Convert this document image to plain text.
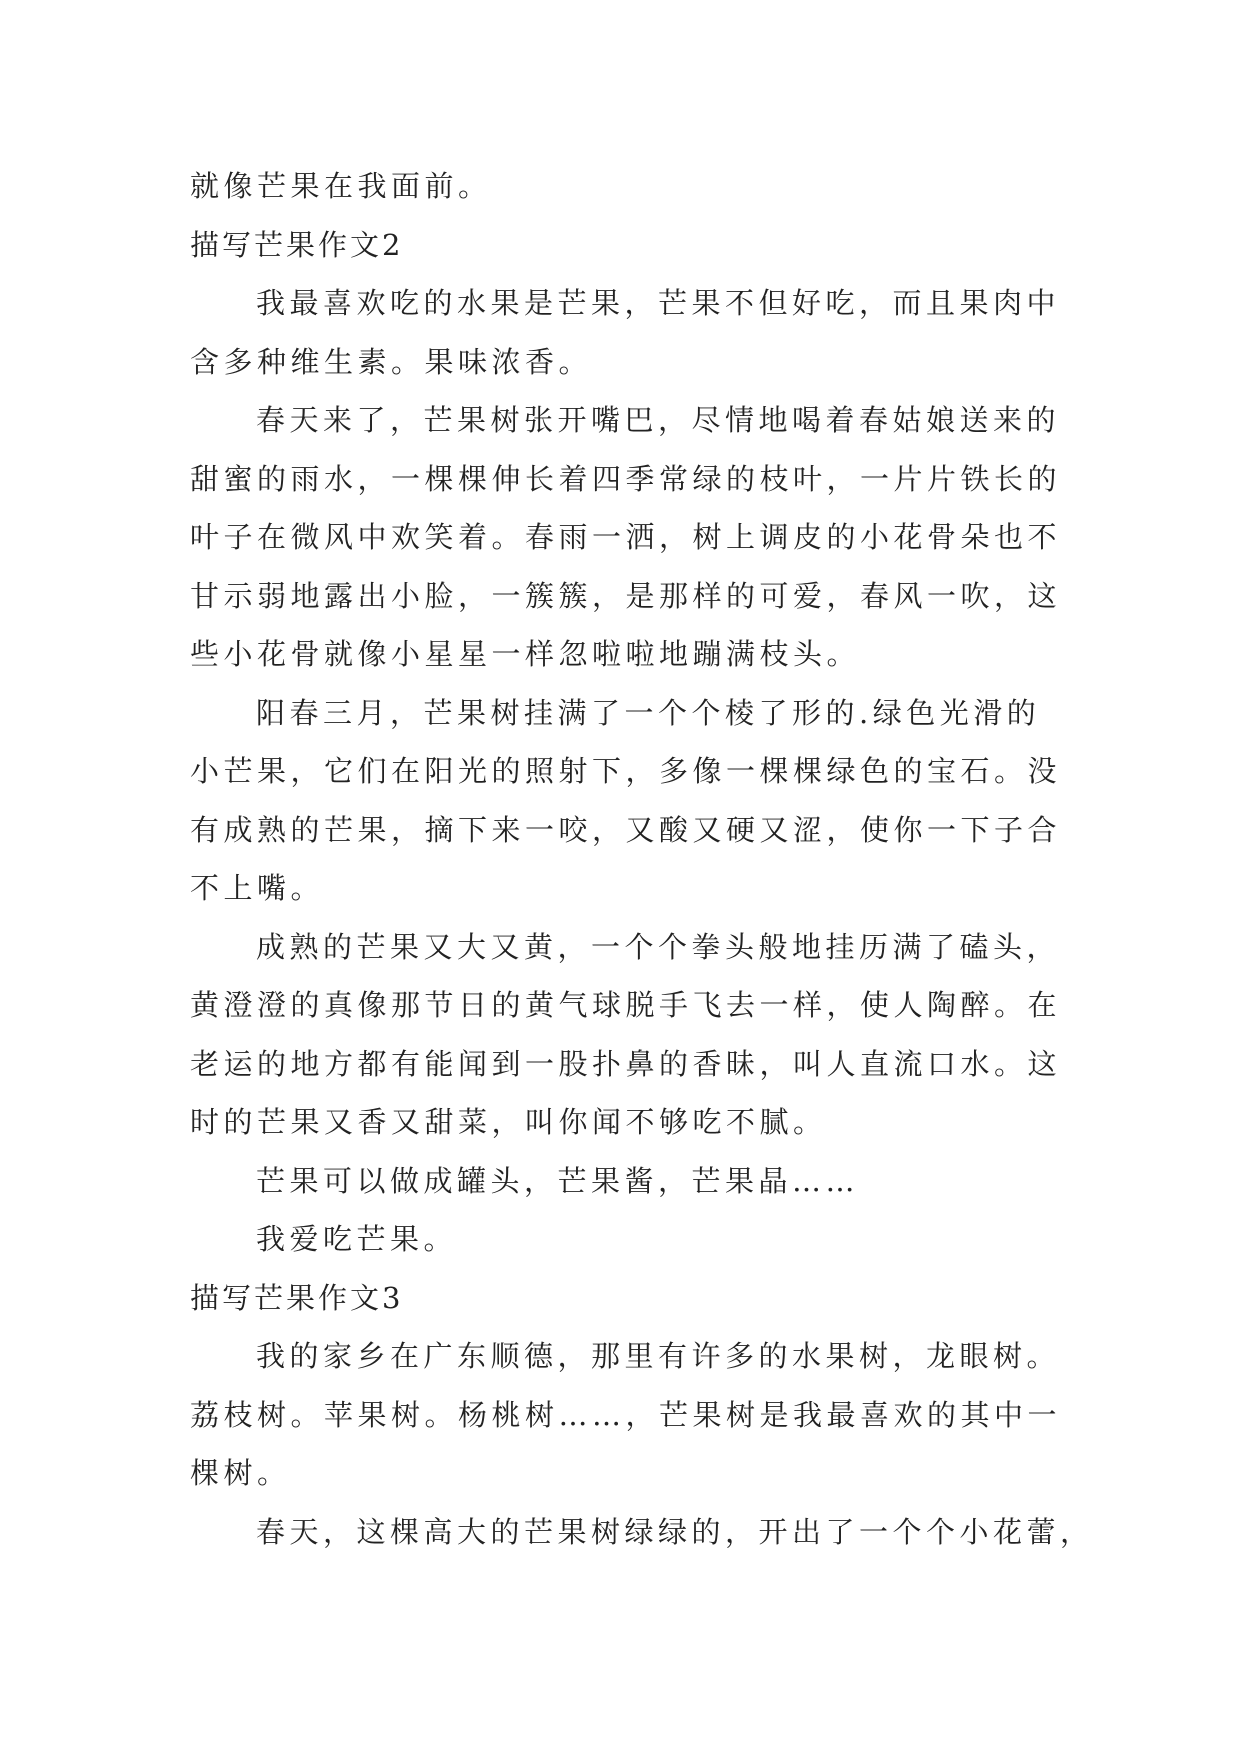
就像芒果在我面前。
描写芒果作文2
我最喜欢吃的水果是芒果，芒果不但好吃，而且果肉中
含多种维生素。果味浓香。
春天来了，芒果树张开嘴巴，尽情地喝着春姑娘送来的
甜蜜的雨水，一棵棵伸长着四季常绿的枝叶，一片片铁长的
叶子在微风中欢笑着。春雨一洒，树上调皮的小花骨朵也不
甘示弱地露出小脸，一簇簇，是那样的可爱，春风一吹，这
些小花骨就像小星星一样忽啦啦地蹦满枝头。
阳春三月，芒果树挂满了一个个棱了形的.绿色光滑的
小芒果，它们在阳光的照射下，多像一棵棵绿色的宝石。没
有成熟的芒果，摘下来一咬，又酸又硬又涩，使你一下子合
不上嘴。
成熟的芒果又大又黄，一个个拳头般地挂历满了磕头，
黄澄澄的真像那节日的黄气球脱手飞去一样，使人陶醉。在
老运的地方都有能闻到一股扑鼻的香昧，叫人直流口水。这
时的芒果又香又甜菜，叫你闻不够吃不腻。
芒果可以做成罐头，芒果酱，芒果晶……
我爱吃芒果。
描写芒果作文3
我的家乡在广东顺德，那里有许多的水果树，龙眼树。
荔枝树。苹果树。杨桃树……，芒果树是我最喜欢的其中一
棵树。
春天，这棵高大的芒果树绿绿的，开出了一个个小花蕾，
